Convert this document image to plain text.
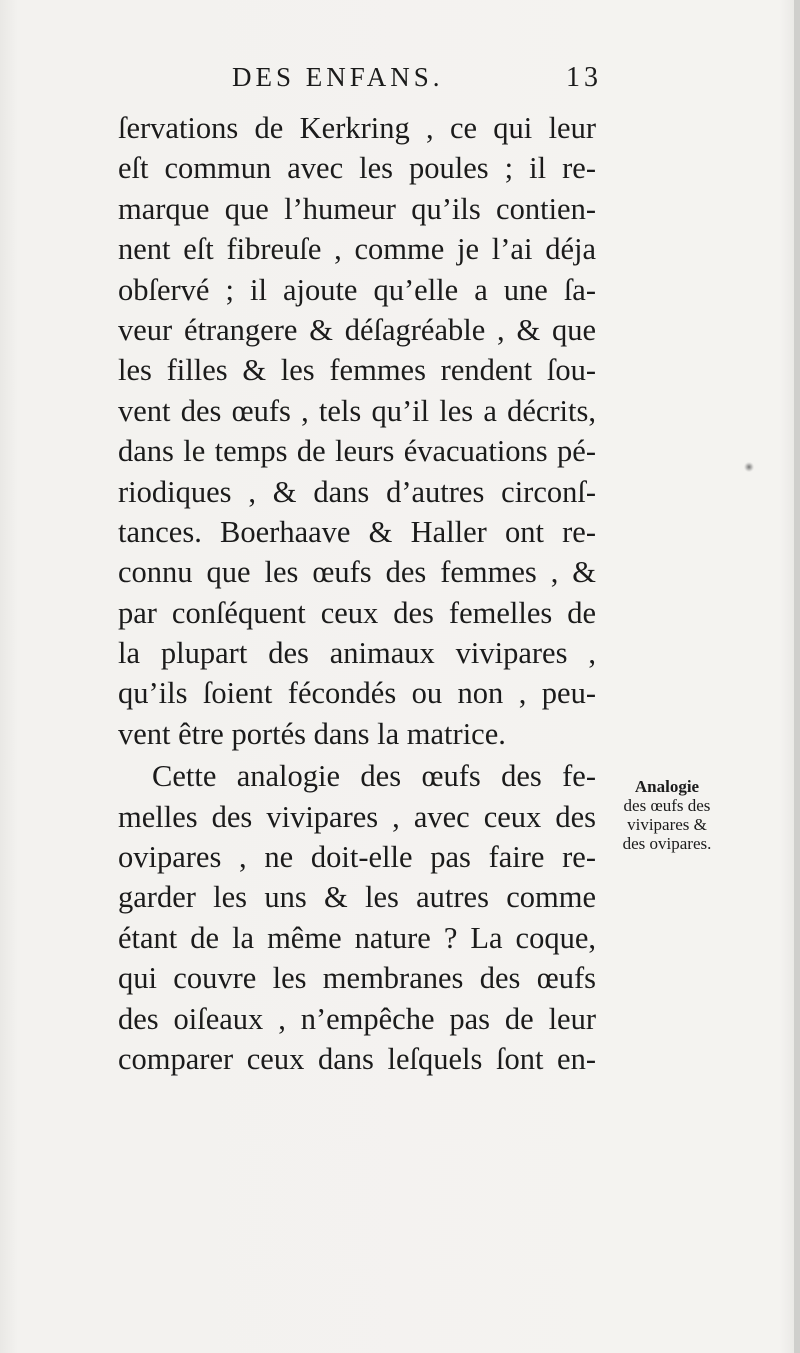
DES ENFANS.	13
ſervations de Kerkring , ce qui leur
eſt commun avec les poules ; il re-
marque que l’humeur qu’ils contien-
nent eſt fibreuſe , comme je l’ai déja
obſervé ; il ajoute qu’elle a une ſa-
veur étrangere & déſagréable , & que
les filles & les femmes rendent ſou-
vent des œufs , tels qu’il les a décrits,
dans le temps de leurs évacuations pé-
riodiques , & dans d’autres circonſ-
tances. Boerhaave & Haller ont re-
connu que les œufs des femmes , &
par conſéquent ceux des femelles de
la plupart des animaux vivipares ,
qu’ils ſoient fécondés ou non , peu-
vent être portés dans la matrice.
Cette analogie des œufs des fe-
melles des vivipares , avec ceux des
ovipares , ne doit-elle pas faire re-
garder les uns & les autres comme
étant de la même nature ? La coque,
qui couvre les membranes des œufs
des oiſeaux , n’empêche pas de leur
comparer ceux dans leſquels ſont en-
Analogie
des œufs des
vivipares &
des ovipares.
